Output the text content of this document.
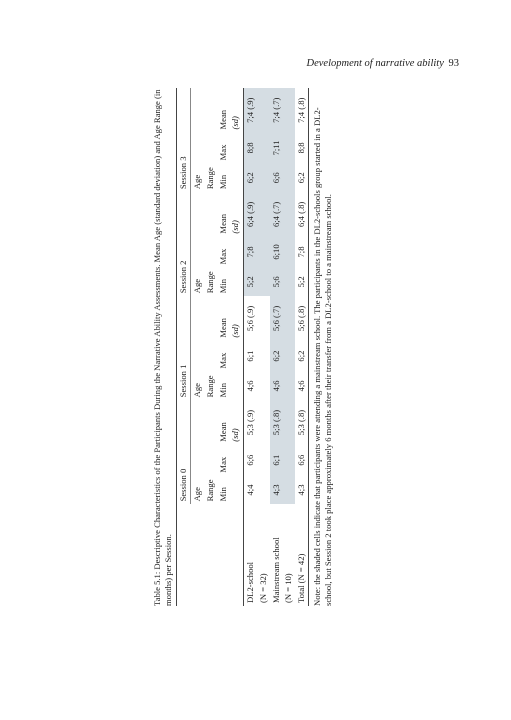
Development of narrative ability 93
Table 5.1: Descriptive Characteristics of the Participants During the Narrative Ability Assessments. Mean Age (standard deviation) and Age Range (in months) per Session.
	Session 0			Session 1			Session 2			Session 3		
	Age			Age			Age			Age		
	Range			Range			Range			Range		
	Min	Max	Mean	Min	Max	Mean	Min	Max	Mean	Min	Max	Mean
			(sd)			(sd)			(sd)			(sd)
DL2-school	4;4	6;6	5;3 (.9)	4;6	6;1	5;6 (.9)	5;2	7;8	6;4 (.9)	6;2	8;8	7;4 (.9)
(N = 32)												
Mainstream school	4;3	6;1	5;3 (.8)	4;6	6;2	5;6 (.7)	5;6	6;10	6;4 (.7)	6;6	7;11	7;4 (.7)
(N = 10)												
Total (N = 42)	4;3	6;6	5;3 (.8)	4;6	6;2	5;6 (.8)	5;2	7;8	6;4 (.8)	6;2	8;8	7;4 (.8) Note: the shaded cells indicate that participants were attending a mainstream school. The participants in the DL2-schools group started in a DL2-school, but Session 2 took place approximately 6 months after their transfer from a DL2-school to a mainstream school.
